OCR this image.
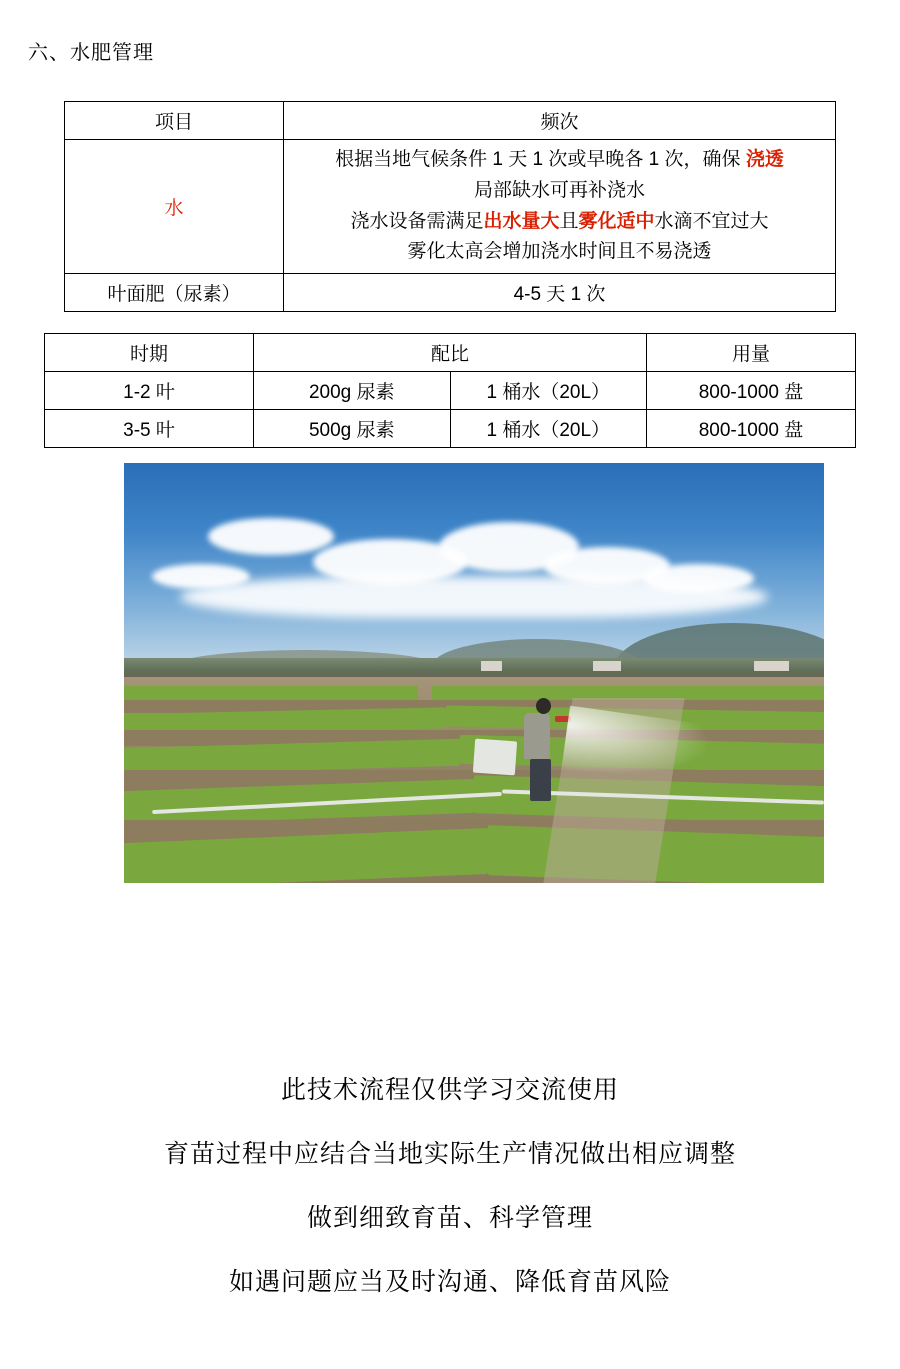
六、水肥管理
项目	频次
水	根据当地气候条件 1 天 1 次或早晚各 1 次，确保 浇透
局部缺水可再补浇水
浇水设备需满足出水量大且雾化适中水滴不宜过大
雾化太高会增加浇水时间且不易浇透

叶面肥（尿素）	4-5 天 1 次
时期	配比		用量
1-2 叶	200g 尿素	1 桶水（20L）	800-1000 盘
3-5 叶	500g 尿素	1 桶水（20L）	800-1000 盘

此技术流程仅供学习交流使用

育苗过程中应结合当地实际生产情况做出相应调整

做到细致育苗、科学管理

如遇问题应当及时沟通、降低育苗风险
